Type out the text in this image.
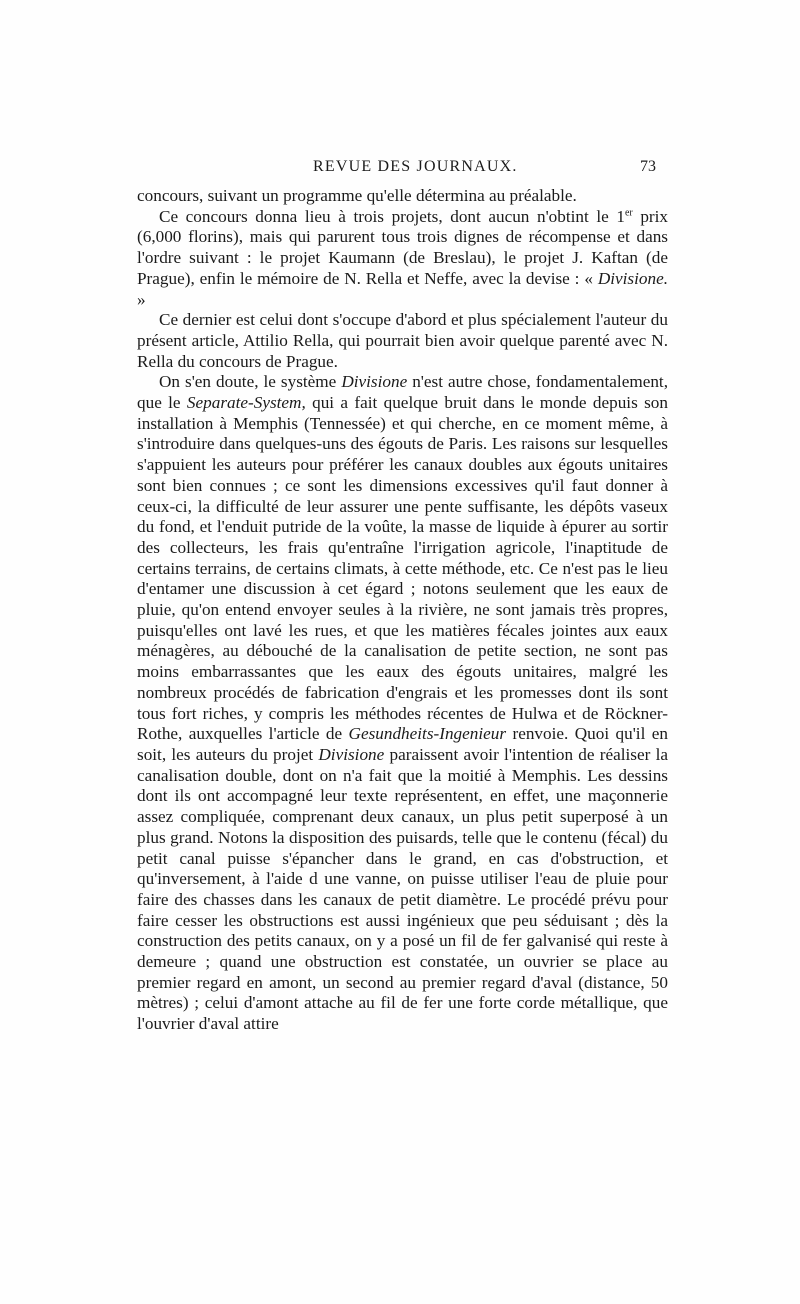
REVUE DES JOURNAUX.	73

concours, suivant un programme qu'elle détermina au préalable.

Ce concours donna lieu à trois projets, dont aucun n'obtint le 1er prix (6,000 florins), mais qui parurent tous trois dignes de récompense et dans l'ordre suivant : le projet Kaumann (de Breslau), le projet J. Kaftan (de Prague), enfin le mémoire de N. Rella et Neffe, avec la devise : « Divisione. »

Ce dernier est celui dont s'occupe d'abord et plus spécialement l'auteur du présent article, Attilio Rella, qui pourrait bien avoir quelque parenté avec N. Rella du concours de Prague.

On s'en doute, le système Divisione n'est autre chose, fondamentalement, que le Separate-System, qui a fait quelque bruit dans le monde depuis son installation à Memphis (Tennessée) et qui cherche, en ce moment même, à s'introduire dans quelques-uns des égouts de Paris. Les raisons sur lesquelles s'appuient les auteurs pour préférer les canaux doubles aux égouts unitaires sont bien connues ; ce sont les dimensions excessives qu'il faut donner à ceux-ci, la difficulté de leur assurer une pente suffisante, les dépôts vaseux du fond, et l'enduit putride de la voûte, la masse de liquide à épurer au sortir des collecteurs, les frais qu'entraîne l'irrigation agricole, l'inaptitude de certains terrains, de certains climats, à cette méthode, etc. Ce n'est pas le lieu d'entamer une discussion à cet égard ; notons seulement que les eaux de pluie, qu'on entend envoyer seules à la rivière, ne sont jamais très propres, puisqu'elles ont lavé les rues, et que les matières fécales jointes aux eaux ménagères, au débouché de la canalisation de petite section, ne sont pas moins embarrassantes que les eaux des égouts unitaires, malgré les nombreux procédés de fabrication d'engrais et les promesses dont ils sont tous fort riches, y compris les méthodes récentes de Hulwa et de Röckner-Rothe, auxquelles l'article de Gesundheits-Ingenieur renvoie. Quoi qu'il en soit, les auteurs du projet Divisione paraissent avoir l'intention de réaliser la canalisation double, dont on n'a fait que la moitié à Memphis. Les dessins dont ils ont accompagné leur texte représentent, en effet, une maçonnerie assez compliquée, comprenant deux canaux, un plus petit superposé à un plus grand. Notons la disposition des puisards, telle que le contenu (fécal) du petit canal puisse s'épancher dans le grand, en cas d'obstruction, et qu'inversement, à l'aide d une vanne, on puisse utiliser l'eau de pluie pour faire des chasses dans les canaux de petit diamètre. Le procédé prévu pour faire cesser les obstructions est aussi ingénieux que peu séduisant ; dès la construction des petits canaux, on y a posé un fil de fer galvanisé qui reste à demeure ; quand une obstruction est constatée, un ouvrier se place au premier regard en amont, un second au premier regard d'aval (distance, 50 mètres) ; celui d'amont attache au fil de fer une forte corde métallique, que l'ouvrier d'aval attire
